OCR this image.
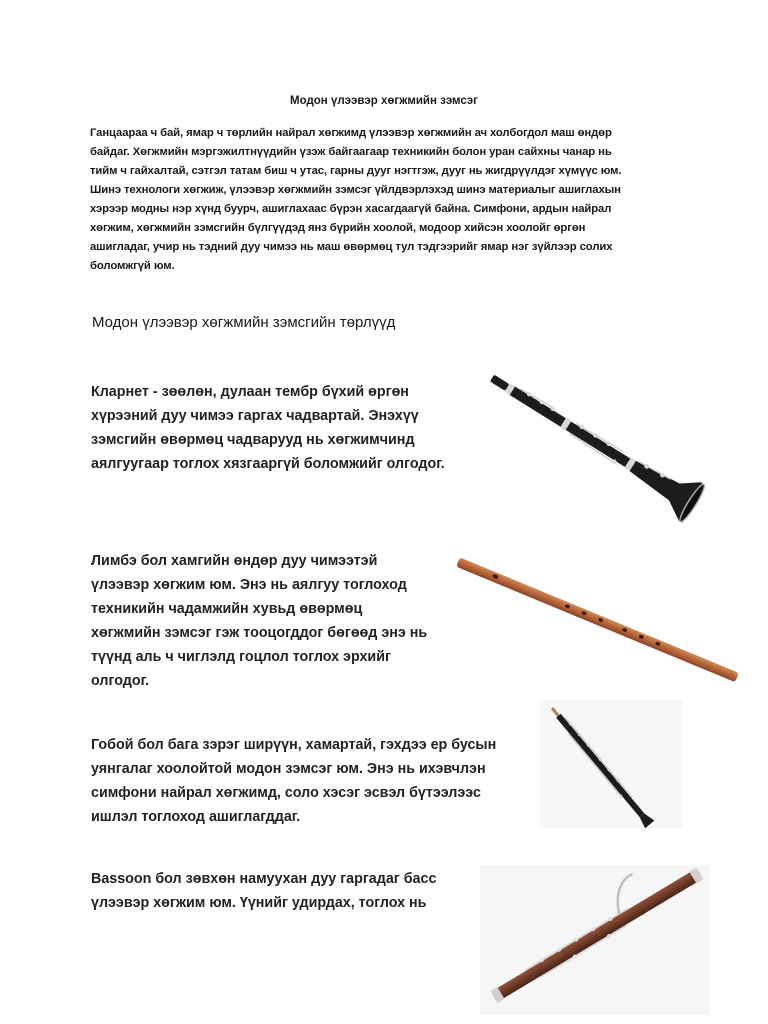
Модон үлээвэр хөгжмийн зэмсэг
Ганцаараа ч бай, ямар ч төрлийн найрал хөгжимд үлээвэр хөгжмийн ач холбогдол маш өндөр
байдаг. Хөгжмийн мэргэжилтнүүдийн үзэж байгаагаар техникийн болон уран сайхны чанар нь
тийм ч гайхалтай, сэтгэл татам биш ч утас, гарны дууг нэгтгэж, дууг нь жигдрүүлдэг хүмүүс юм.
Шинэ технологи хөгжиж, үлээвэр хөгжмийн зэмсэг үйлдвэрлэхэд шинэ материалыг ашиглахын
хэрээр модны нэр хүнд буурч, ашиглахаас бүрэн хасагдаагүй байна. Симфони, ардын найрал
хөгжим, хөгжмийн зэмсгийн бүлгүүдэд янз бүрийн хоолой, модоор хийсэн хоолойг өргөн
ашигладаг, учир нь тэдний дуу чимээ нь маш өвөрмөц тул тэдгээрийг ямар нэг зүйлээр солих
боломжгүй юм.
Модон үлээвэр хөгжмийн зэмсгийн төрлүүд
Кларнет - зөөлөн, дулаан тембр бүхий өргөн
хүрээний дуу чимээ гаргах чадвартай. Энэхүү
зэмсгийн өвөрмөц чадварууд нь хөгжимчинд
аялгуугаар тоглох хязгааргүй боломжийг олгодог.
Лимбэ бол хамгийн өндөр дуу чимээтэй
үлээвэр хөгжим юм. Энэ нь аялгуу тоглоход
техникийн чадамжийн хувьд өвөрмөц
хөгжмийн зэмсэг гэж тооцогддог бөгөөд энэ нь
түүнд аль ч чиглэлд гоцлол тоглох эрхийг
олгодог.
Гобой бол бага зэрэг ширүүн, хамартай, гэхдээ ер бусын
уянгалаг хоолойтой модон зэмсэг юм. Энэ нь ихэвчлэн
симфони найрал хөгжимд, соло хэсэг эсвэл бүтээлээс
ишлэл тоглоход ашиглагддаг.
Bassoon бол зөвхөн намуухан дуу гаргадаг басс
үлээвэр хөгжим юм. Үүнийг удирдах, тоглох нь
